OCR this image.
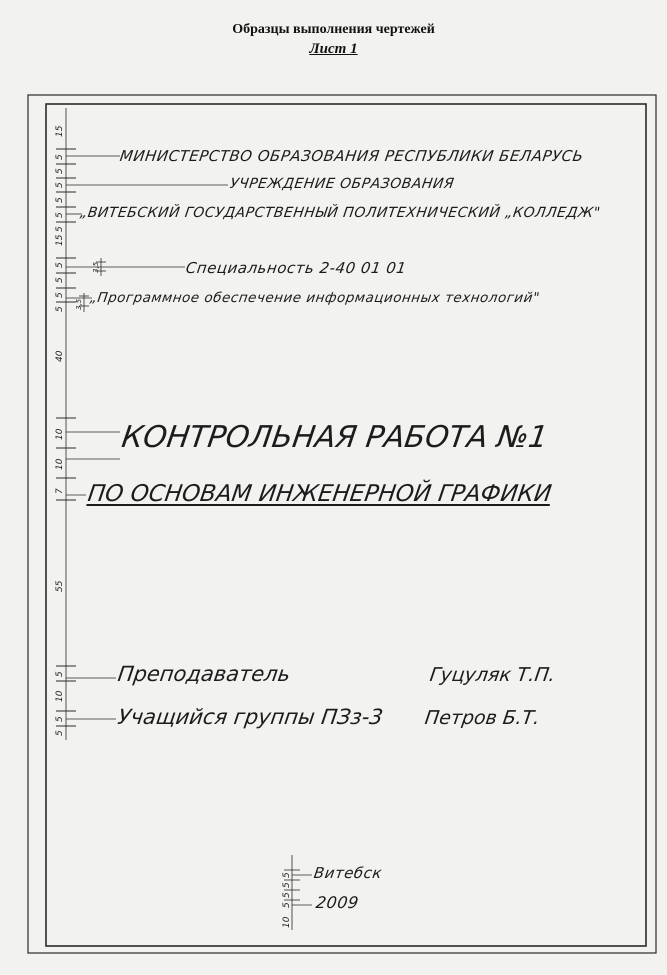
Образцы выполнения чертежей
Лист 1
15
5
5
5
5
5
5
15
5
5
5
5
40
10
10
7
55
5
10
5
5
3,5
3,5
5
5
5
5
10
МИНИСТЕРСТВО ОБРАЗОВАНИЯ РЕСПУБЛИКИ БЕЛАРУСЬ
УЧРЕЖДЕНИЕ ОБРАЗОВАНИЯ
„ВИТЕБСКИЙ ГОСУДАРСТВЕННЫЙ ПОЛИТЕХНИЧЕСКИЙ „КОЛЛЕДЖ"
Специальность 2-40 01 01
„Программное обеспечение информационных технологий"
КОНТРОЛЬНАЯ РАБОТА №1
ПО ОСНОВАМ ИНЖЕНЕРНОЙ ГРАФИКИ
Преподаватель	Гуцуляк Т.П.
Учащийся группы ПЗз-3 Петров Б.Т.
Витебск
2009
